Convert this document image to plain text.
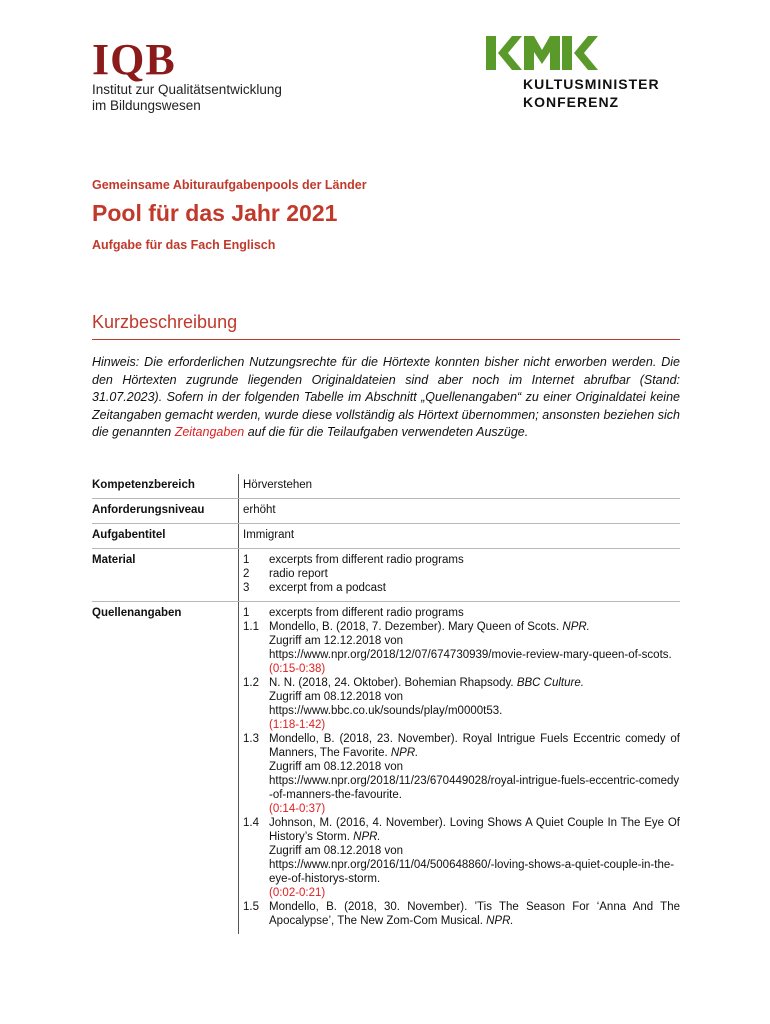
IQB
Institut zur Qualitätsentwicklung
im Bildungswesen
KULTUSMINISTER
KONFERENZ
Gemeinsame Abituraufgabenpools der Länder
Pool für das Jahr 2021
Aufgabe für das Fach Englisch
Kurzbeschreibung
Hinweis: Die erforderlichen Nutzungsrechte für die Hörtexte konnten bisher nicht erworben werden. Die den Hörtexten zugrunde liegenden Originaldateien sind aber noch im Internet abrufbar (Stand: 31.07.2023). Sofern in der folgenden Tabelle im Abschnitt „Quellenangaben“ zu einer Originaldatei keine Zeitangaben gemacht werden, wurde diese vollständig als Hörtext übernommen; ansonsten beziehen sich die genannten Zeitangaben auf die für die Teilaufgaben verwendeten Auszüge.
Kompetenzbereich	Hörverstehen
Anforderungsniveau	erhöht
Aufgabentitel	Immigrant
Material	1	excerpts from different radio programs
2	radio report
3	excerpt from a podcast
Quellenangaben	1	excerpts from different radio programs
1.1 Mondello, B. (2018, 7. Dezember). Mary Queen of Scots. NPR.
Zugriff am 12.12.2018 von
https://www.npr.org/2018/12/07/674730939/movie-review-mary-queen-of-scots.
(0:15-0:38)
1.2 N. N. (2018, 24. Oktober). Bohemian Rhapsody. BBC Culture.
Zugriff am 08.12.2018 von
https://www.bbc.co.uk/sounds/play/m0000t53.
(1:18-1:42)
1.3 Mondello, B. (2018, 23. November). Royal Intrigue Fuels Eccentric comedy of Manners, The Favorite. NPR.
Zugriff am 08.12.2018 von
https://www.npr.org/2018/11/23/670449028/royal-intrigue-fuels-eccentric-comedy-of-manners-the-favourite.
(0:14-0:37)
1.4 Johnson, M. (2016, 4. November). Loving Shows A Quiet Couple In The Eye Of History’s Storm. NPR.
Zugriff am 08.12.2018 von
https://www.npr.org/2016/11/04/500648860/-loving-shows-a-quiet-couple-in-the-eye-of-historys-storm.
(0:02-0:21)
1.5 Mondello, B. (2018, 30. November). ’Tis The Season For ‘Anna And The Apocalypse’, The New Zom-Com Musical. NPR.
